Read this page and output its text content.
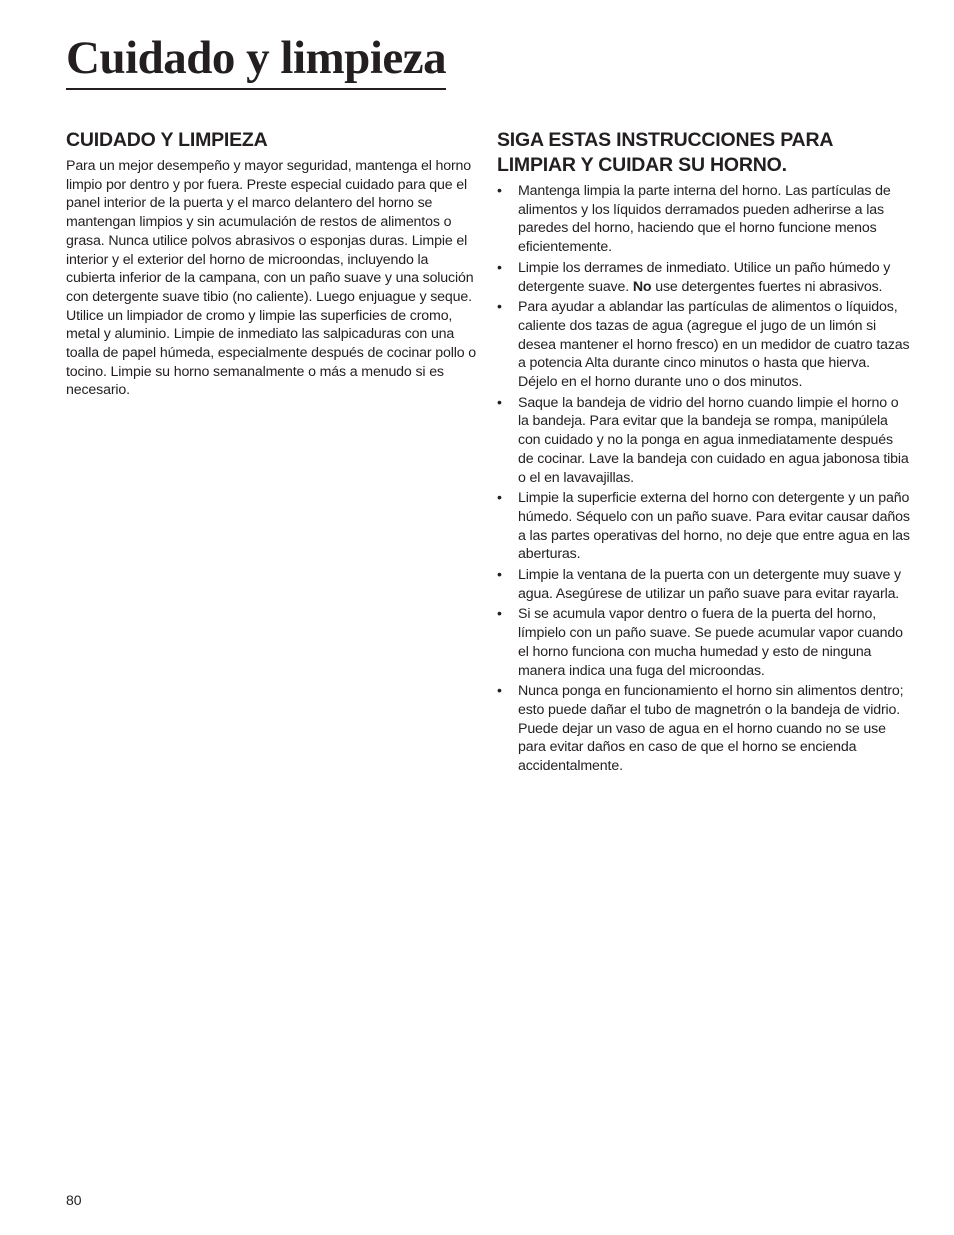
Cuidado y limpieza
CUIDADO Y LIMPIEZA

Para un mejor desempeño y mayor seguridad, mantenga el horno limpio por dentro y por fuera. Preste especial cuidado para que el panel interior de la puerta y el marco delantero del horno se mantengan limpios y sin acumulación de restos de alimentos o grasa. Nunca utilice polvos abrasivos o esponjas duras. Limpie el interior y el exterior del horno de microondas, incluyendo la cubierta inferior de la campana, con un paño suave y una solución con detergente suave tibio (no caliente). Luego enjuague y seque. Utilice un limpiador de cromo y limpie las superficies de cromo, metal y aluminio. Limpie de inmediato las salpicaduras con una toalla de papel húmeda, especialmente después de cocinar pollo o tocino. Limpie su horno semanalmente o más a menudo si es necesario.

SIGA ESTAS INSTRUCCIONES PARA
LIMPIAR Y CUIDAR SU HORNO.
• Mantenga limpia la parte interna del horno. Las partículas de alimentos y los líquidos derramados pueden adherirse a las paredes del horno, haciendo que el horno funcione menos eficientemente.
• Limpie los derrames de inmediato. Utilice un paño húmedo y detergente suave. No use detergentes fuertes ni abrasivos.
• Para ayudar a ablandar las partículas de alimentos o líquidos, caliente dos tazas de agua (agregue el jugo de un limón si desea mantener el horno fresco) en un medidor de cuatro tazas a potencia Alta durante cinco minutos o hasta que hierva. Déjelo en el horno durante uno o dos minutos.
• Saque la bandeja de vidrio del horno cuando limpie el horno o la bandeja. Para evitar que la bandeja se rompa, manipúlela con cuidado y no la ponga en agua inmediatamente después de cocinar. Lave la bandeja con cuidado en agua jabonosa tibia o el en lavavajillas.
• Limpie la superficie externa del horno con detergente y un paño húmedo. Séquelo con un paño suave. Para evitar causar daños a las partes operativas del horno, no deje que entre agua en las aberturas.
• Limpie la ventana de la puerta con un detergente muy suave y agua. Asegúrese de utilizar un paño suave para evitar rayarla.
• Si se acumula vapor dentro o fuera de la puerta del horno, límpielo con un paño suave. Se puede acumular vapor cuando el horno funciona con mucha humedad y esto de ninguna manera indica una fuga del microondas.
• Nunca ponga en funcionamiento el horno sin alimentos dentro; esto puede dañar el tubo de magnetrón o la bandeja de vidrio. Puede dejar un vaso de agua en el horno cuando no se use para evitar daños en caso de que el horno se encienda accidentalmente.
80
